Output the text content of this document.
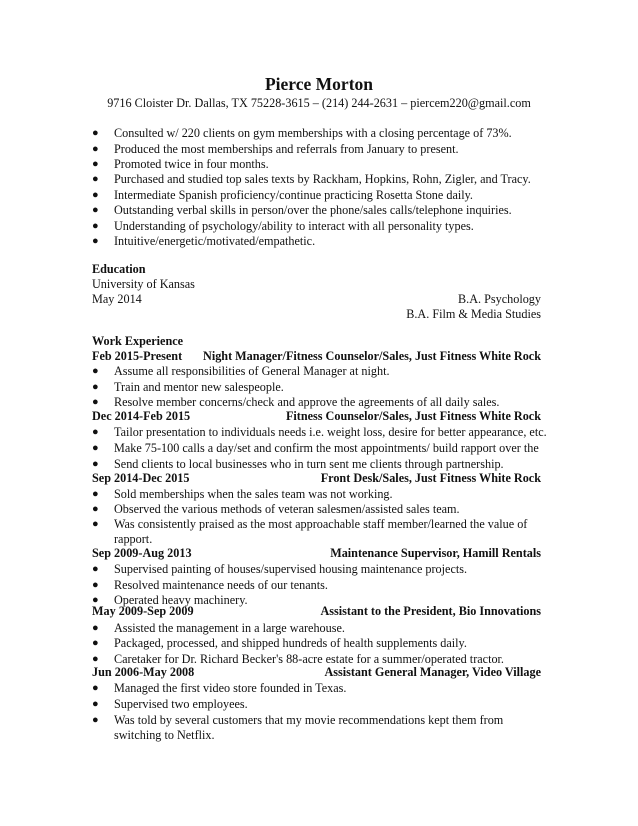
Pierce Morton
9716 Cloister Dr. Dallas, TX 75228-3615 – (214) 244-2631 – piercem220@gmail.com
● Consulted w/ 220 clients on gym memberships with a closing percentage of 73%.
● Produced the most memberships and referrals from January to present.
● Promoted twice in four months.
● Purchased and studied top sales texts by Rackham, Hopkins, Rohn, Zigler, and Tracy.
● Intermediate Spanish proficiency/continue practicing Rosetta Stone daily.
● Outstanding verbal skills in person/over the phone/sales calls/telephone inquiries.
● Understanding of psychology/ability to interact with all personality types.
● Intuitive/energetic/motivated/empathetic.
Education
University of Kansas
May 2014	B.A. Psychology
B.A. Film & Media Studies
Work Experience
Feb 2015-Present Night Manager/Fitness Counselor/Sales, Just Fitness White Rock
● Assume all responsibilities of General Manager at night.
● Train and mentor new salespeople.
● Resolve member concerns/check and approve the agreements of all daily sales.
Dec 2014-Feb 2015	Fitness Counselor/Sales, Just Fitness White Rock
● Tailor presentation to individuals needs i.e. weight loss, desire for better appearance, etc.
● Make 75-100 calls a day/set and confirm the most appointments/ build rapport over the
● Send clients to local businesses who in turn sent me clients through partnership.
Sep 2014-Dec 2015	Front Desk/Sales, Just Fitness White Rock
● Sold memberships when the sales team was not working.
● Observed the various methods of veteran salesmen/assisted sales team.
● Was consistently praised as the most approachable staff member/learned the value of
rapport.
Sep 2009-Aug 2013	Maintenance Supervisor, Hamill Rentals
● Supervised painting of houses/supervised housing maintenance projects.
● Resolved maintenance needs of our tenants.
● Operated heavy machinery.
May 2009-Sep 2009	Assistant to the President, Bio Innovations
● Assisted the management in a large warehouse.
● Packaged, processed, and shipped hundreds of health supplements daily.
● Caretaker for Dr. Richard Becker's 88-acre estate for a summer/operated tractor.
Jun 2006-May 2008	Assistant General Manager, Video Village
● Managed the first video store founded in Texas.
● Supervised two employees.
● Was told by several customers that my movie recommendations kept them from
switching to Netflix.
